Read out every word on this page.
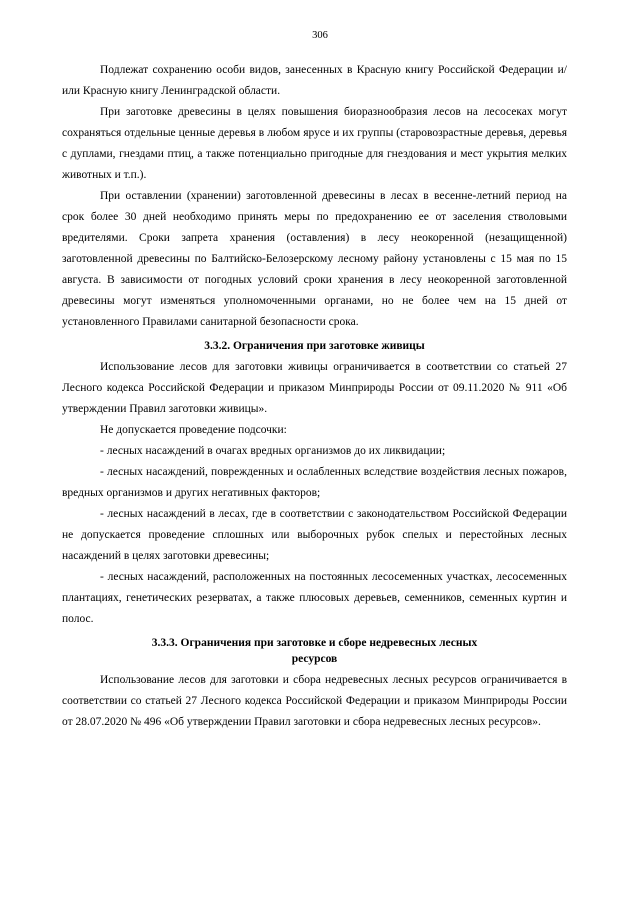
306

Подлежат сохранению особи видов, занесенных в Красную книгу Российской Федерации и/или Красную книгу Ленинградской области.

При заготовке древесины в целях повышения биоразнообразия лесов на лесосеках могут сохраняться отдельные ценные деревья в любом ярусе и их группы (старовозрастные деревья, деревья с дуплами, гнездами птиц, а также потенциально пригодные для гнездования и мест укрытия мелких животных и т.п.).

При оставлении (хранении) заготовленной древесины в лесах в весенне-летний период на срок более 30 дней необходимо принять меры по предохранению ее от заселения стволовыми вредителями. Сроки запрета хранения (оставления) в лесу неокоренной (незащищенной) заготовленной древесины по Балтийско-Белозерскому лесному району установлены с 15 мая по 15 августа. В зависимости от погодных условий сроки хранения в лесу неокоренной заготовленной древесины могут изменяться уполномоченными органами, но не более чем на 15 дней от установленного Правилами санитарной безопасности срока.

3.3.2. Ограничения при заготовке живицы

Использование лесов для заготовки живицы ограничивается в соответствии со статьей 27 Лесного кодекса Российской Федерации и приказом Минприроды России от 09.11.2020 № 911 «Об утверждении Правил заготовки живицы».

Не допускается проведение подсочки:

- лесных насаждений в очагах вредных организмов до их ликвидации;

- лесных насаждений, поврежденных и ослабленных вследствие воздействия лесных пожаров, вредных организмов и других негативных факторов;

- лесных насаждений в лесах, где в соответствии с законодательством Российской Федерации не допускается проведение сплошных или выборочных рубок спелых и перестойных лесных насаждений в целях заготовки древесины;

- лесных насаждений, расположенных на постоянных лесосеменных участках, лесосеменных плантациях, генетических резерватах, а также плюсовых деревьев, семенников, семенных куртин и полос.

3.3.3. Ограничения при заготовке и сборе недревесных лесных
ресурсов

Использование лесов для заготовки и сбора недревесных лесных ресурсов ограничивается в соответствии со статьей 27 Лесного кодекса Российской Федерации и приказом Минприроды России от 28.07.2020 № 496 «Об утверждении Правил заготовки и сбора недревесных лесных ресурсов».
